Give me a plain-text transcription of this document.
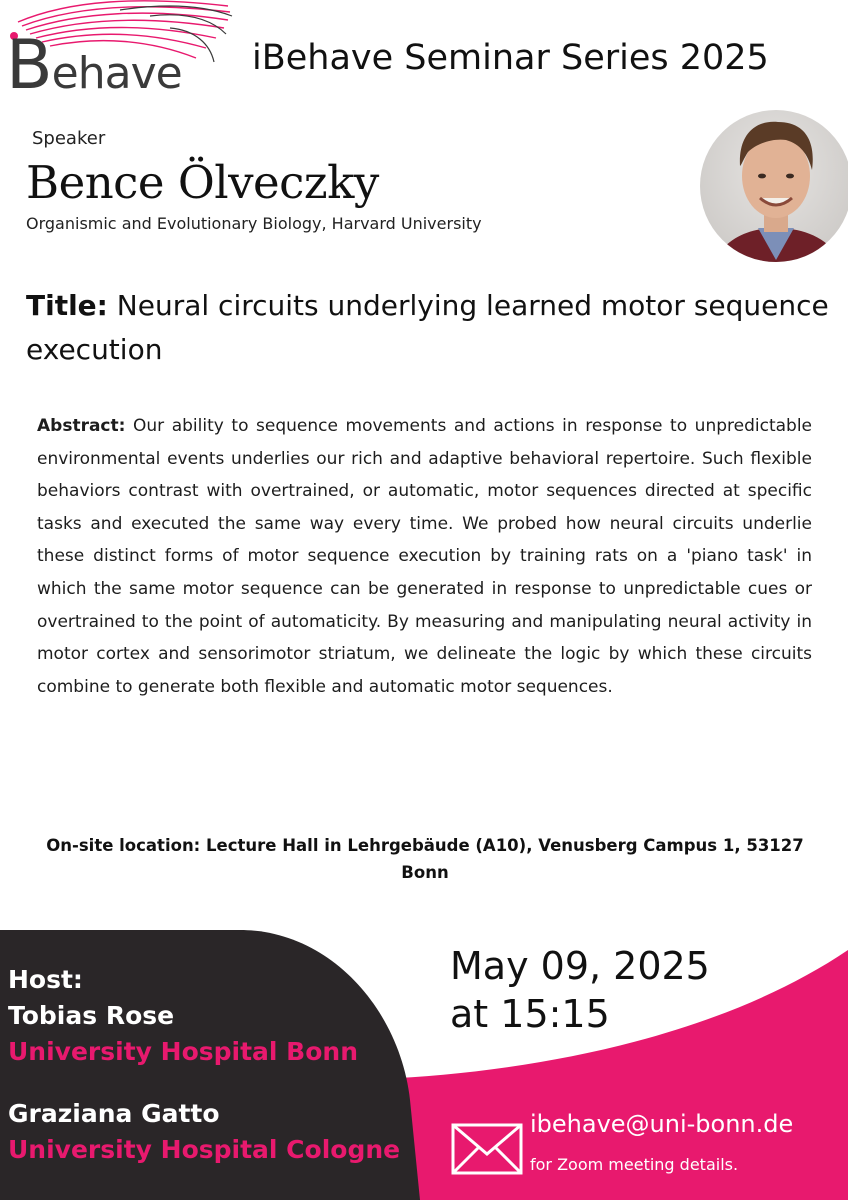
Behave iBehave Seminar Series 2025
Speaker
Bence Ölveczky
Organismic and Evolutionary Biology, Harvard University
Title: Neural circuits underlying learned motor sequence execution
Abstract: Our ability to sequence movements and actions in response to unpredictable environmental events underlies our rich and adaptive behavioral repertoire. Such flexible behaviors contrast with overtrained, or automatic, motor sequences directed at specific tasks and executed the same way every time. We probed how neural circuits underlie these distinct forms of motor sequence execution by training rats on a 'piano task' in which the same motor sequence can be generated in response to unpredictable cues or overtrained to the point of automaticity. By measuring and manipulating neural activity in motor cortex and sensorimotor striatum, we delineate the logic by which these circuits combine to generate both flexible and automatic motor sequences.
On-site location: Lecture Hall in Lehrgebäude (A10), Venusberg Campus 1, 53127 Bonn
Host:
Tobias Rose
University Hospital Bonn
Graziana Gatto
University Hospital Cologne
May 09, 2025
at 15:15
ibehave@uni-bonn.de
for Zoom meeting details.
